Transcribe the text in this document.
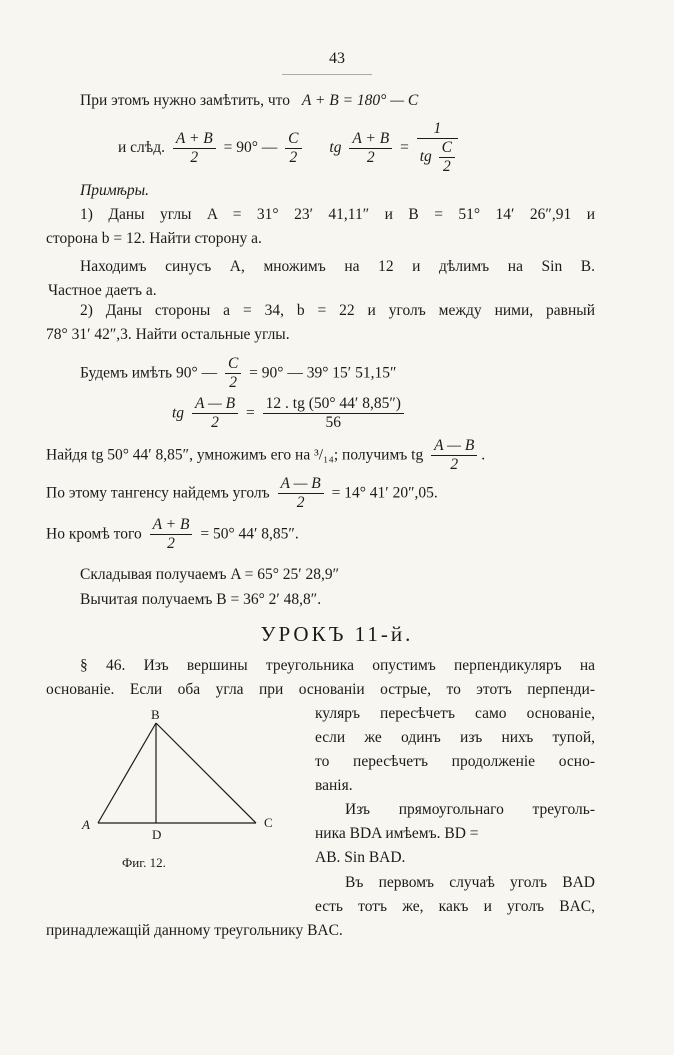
43
При этомъ нужно замѣтить, что A + B = 180° — C
и слѣд. $\frac{A + B}{2} = 90^\circ$ — $\frac{C}{2}$ tg $\frac{A + B}{2} = \frac{1}{tg \frac{C}{2}}$
Примѣры.
1) Даны углы A = 31° 23′ 41,11″ и B = 51° 14′ 26″,91 и
сторона b = 12. Найти сторону a.
Находимъ синусъ A, множимъ на 12 и дѣлимъ на Sin B.
Частное даетъ a.
2) Даны стороны a = 34, b = 22 и уголъ между ними, равный
78° 31′ 42″,3. Найти остальные углы.
Будемъ имѣть 90° — $\frac{C}{2} = 90^\circ$ — 39° 15′ 51,15″
tg $\frac{A — B}{2} = \frac{12 . tg (50^\circ 44' 8,85'')}{56}$
Найдя tg 50° 44′ 8,85″, умножимъ его на ³/₁₄; получимъ tg $\frac{A — B}{2}$ .
По этому тангенсу найдемъ уголъ $\frac{A — B}{2} = 14^\circ$ 41′ 20″,05.
Но кромѣ того $\frac{A + B}{2} = 50^\circ$ 44′ 8,85″.
Складывая получаемъ A = 65° 25′ 28,9″
Вычитая получаемъ B = 36° 2′ 48,8″.
УРОКЪ 11-й.
§ 46. Изъ вершины треугольника опустимъ перпендикуляръ на
основаніе. Если оба угла при основаніи острые, то этотъ перпенди-
куляръ пересѣчетъ само основаніе,
если же одинъ изъ нихъ тупой,
то пересѣчетъ продолженіе осно-
ванія.
Изъ прямоугольнаго треуголь-
ника BDA имѣемъ. BD =
AB. Sin BAD.
Въ первомъ случаѣ уголъ BAD
есть тотъ же, какъ и уголъ BAC,
принадлежащій данному треугольнику BAC.
B
A
D
C
Фиг. 12.
